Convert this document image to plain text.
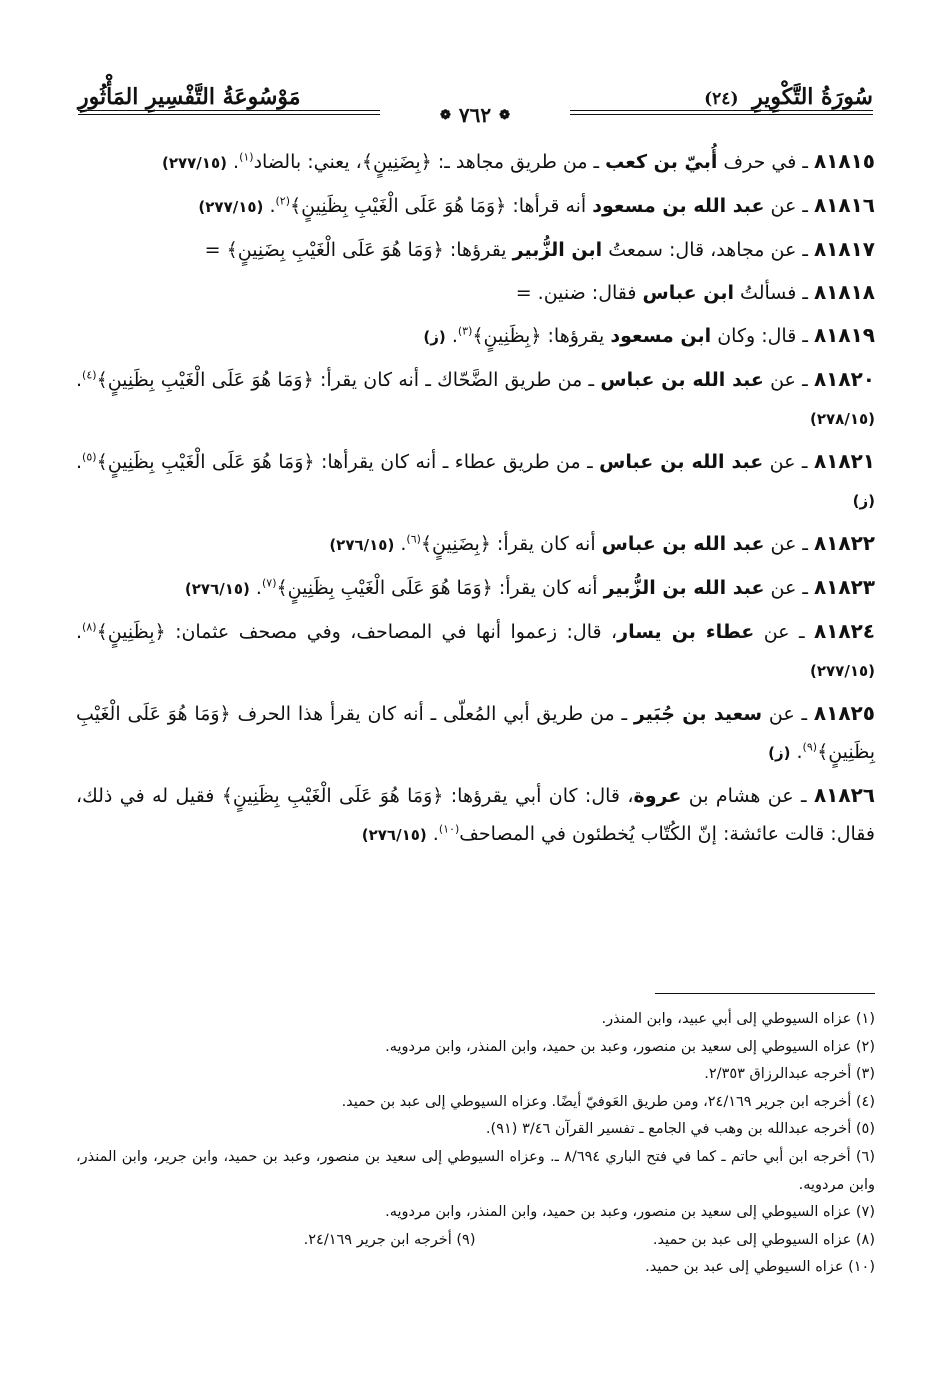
سُورَةُ التَّكْوِيرِ (٢٤)
مَوْسُوعَةُ التَّفْسِيرِ المَأْثُورِ
❁
٧٦٢
❁

٨١٨١٥ ـ في حرف أُبيّ بن كعب ـ من طريق مجاهد ـ: ﴿بِضَنِينٍ﴾، يعني: بالضاد$^{(١)}$. (٢٧٧/١٥)

٨١٨١٦ ـ عن عبد الله بن مسعود أنه قرأها: ﴿وَمَا هُوَ عَلَى الْغَيْبِ بِظَنِينٍ﴾$^{(٢)}$. (٢٧٧/١٥)

٨١٨١٧ ـ عن مجاهد، قال: سمعتُ ابن الزُّبير يقرؤها: ﴿وَمَا هُوَ عَلَى الْغَيْبِ بِضَنِينٍ﴾ =

٨١٨١٨ ـ فسألتُ ابن عباس فقال: ضنين. =

٨١٨١٩ ـ قال: وكان ابن مسعود يقرؤها: ﴿بِظَنِينٍ﴾$^{(٣)}$. (ز)

٨١٨٢٠ ـ عن عبد الله بن عباس ـ من طريق الضَّحّاك ـ أنه كان يقرأ: ﴿وَمَا هُوَ عَلَى الْغَيْبِ بِظَنِينٍ﴾$^{(٤)}$. (٢٧٨/١٥)

٨١٨٢١ ـ عن عبد الله بن عباس ـ من طريق عطاء ـ أنه كان يقرأها: ﴿وَمَا هُوَ عَلَى الْغَيْبِ بِظَنِينٍ﴾$^{(٥)}$. (ز)

٨١٨٢٢ ـ عن عبد الله بن عباس أنه كان يقرأ: ﴿بِضَنِينٍ﴾$^{(٦)}$. (٢٧٦/١٥)

٨١٨٢٣ ـ عن عبد الله بن الزُّبير أنه كان يقرأ: ﴿وَمَا هُوَ عَلَى الْغَيْبِ بِظَنِينٍ﴾$^{(٧)}$. (٢٧٦/١٥)

٨١٨٢٤ ـ عن عطاء بن يسار، قال: زعموا أنها في المصاحف، وفي مصحف عثمان: ﴿بِظَنِينٍ﴾$^{(٨)}$. (٢٧٧/١٥)

٨١٨٢٥ ـ عن سعيد بن جُبَير ـ من طريق أبي المُعلّى ـ أنه كان يقرأ هذا الحرف ﴿وَمَا هُوَ عَلَى الْغَيْبِ بِظَنِينٍ﴾$^{(٩)}$. (ز)

٨١٨٢٦ ـ عن هشام بن عروة، قال: كان أبي يقرؤها: ﴿وَمَا هُوَ عَلَى الْغَيْبِ بِظَنِينٍ﴾ فقيل له في ذلك، فقال: قالت عائشة: إنّ الكُتّاب يُخطئون في المصاحف$^{(١٠)}$. (٢٧٦/١٥)

(١) عزاه السيوطي إلى أبي عبيد، وابن المنذر.

(٢) عزاه السيوطي إلى سعيد بن منصور، وعبد بن حميد، وابن المنذر، وابن مردويه.

(٣) أخرجه عبدالرزاق ٢/٣٥٣.

(٤) أخرجه ابن جرير ٢٤/١٦٩، ومن طريق العَوفيّ أيضًا. وعزاه السيوطي إلى عبد بن حميد.

(٥) أخرجه عبدالله بن وهب في الجامع ـ تفسير القرآن ٣/٤٦ (٩١).

(٦) أخرجه ابن أبي حاتم ـ كما في فتح الباري ٨/٦٩٤ ـ. وعزاه السيوطي إلى سعيد بن منصور، وعبد بن حميد، وابن جرير، وابن المنذر، وابن مردويه.

(٧) عزاه السيوطي إلى سعيد بن منصور، وعبد بن حميد، وابن المنذر، وابن مردويه.

(٨) عزاه السيوطي إلى عبد بن حميد.

(٩) أخرجه ابن جرير ٢٤/١٦٩.

(١٠) عزاه السيوطي إلى عبد بن حميد.
